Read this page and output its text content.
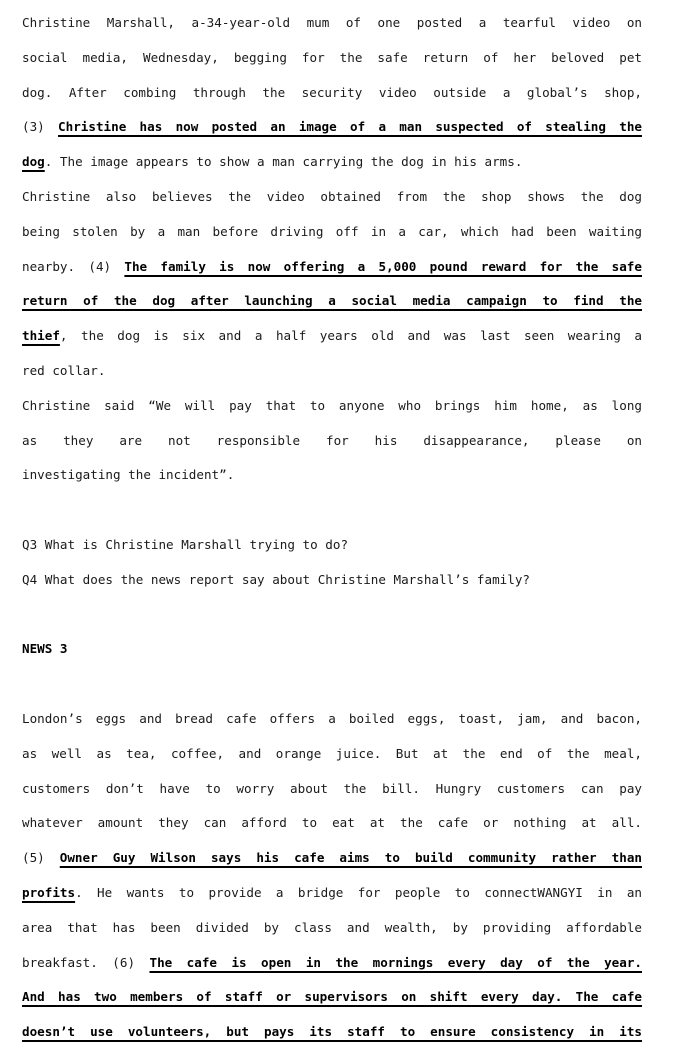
Christine Marshall, a-34-year-old mum of one posted a tearful video on
social media, Wednesday, begging for the safe return of her beloved pet
dog. After combing through the security video outside a global’s shop,
(3) Christine has now posted an image of a man suspected of stealing the
dog. The image appears to show a man carrying the dog in his arms.
Christine also believes the video obtained from the shop shows the dog
being stolen by a man before driving off in a car, which had been waiting
nearby. (4) The family is now offering a 5,000 pound reward for the safe
return of the dog after launching a social media campaign to find the
thief, the dog is six and a half years old and was last seen wearing a
red collar.
Christine said “We will pay that to anyone who brings him home, as long
as they are not responsible for his disappearance, please on
investigating the incident”.
Q3 What is Christine Marshall trying to do?
Q4 What does the news report say about Christine Marshall’s family?
NEWS 3
London’s eggs and bread cafe offers a boiled eggs, toast, jam, and bacon,
as well as tea, coffee, and orange juice. But at the end of the meal,
customers don’t have to worry about the bill. Hungry customers can pay
whatever amount they can afford to eat at the cafe or nothing at all.
(5) Owner Guy Wilson says his cafe aims to build community rather than
profits. He wants to provide a bridge for people to connectWANGYI in an
area that has been divided by class and wealth, by providing affordable
breakfast. (6) The cafe is open in the mornings every day of the year.
And has two members of staff or supervisors on shift every day. The cafe
doesn’t use volunteers, but pays its staff to ensure consistency in its
